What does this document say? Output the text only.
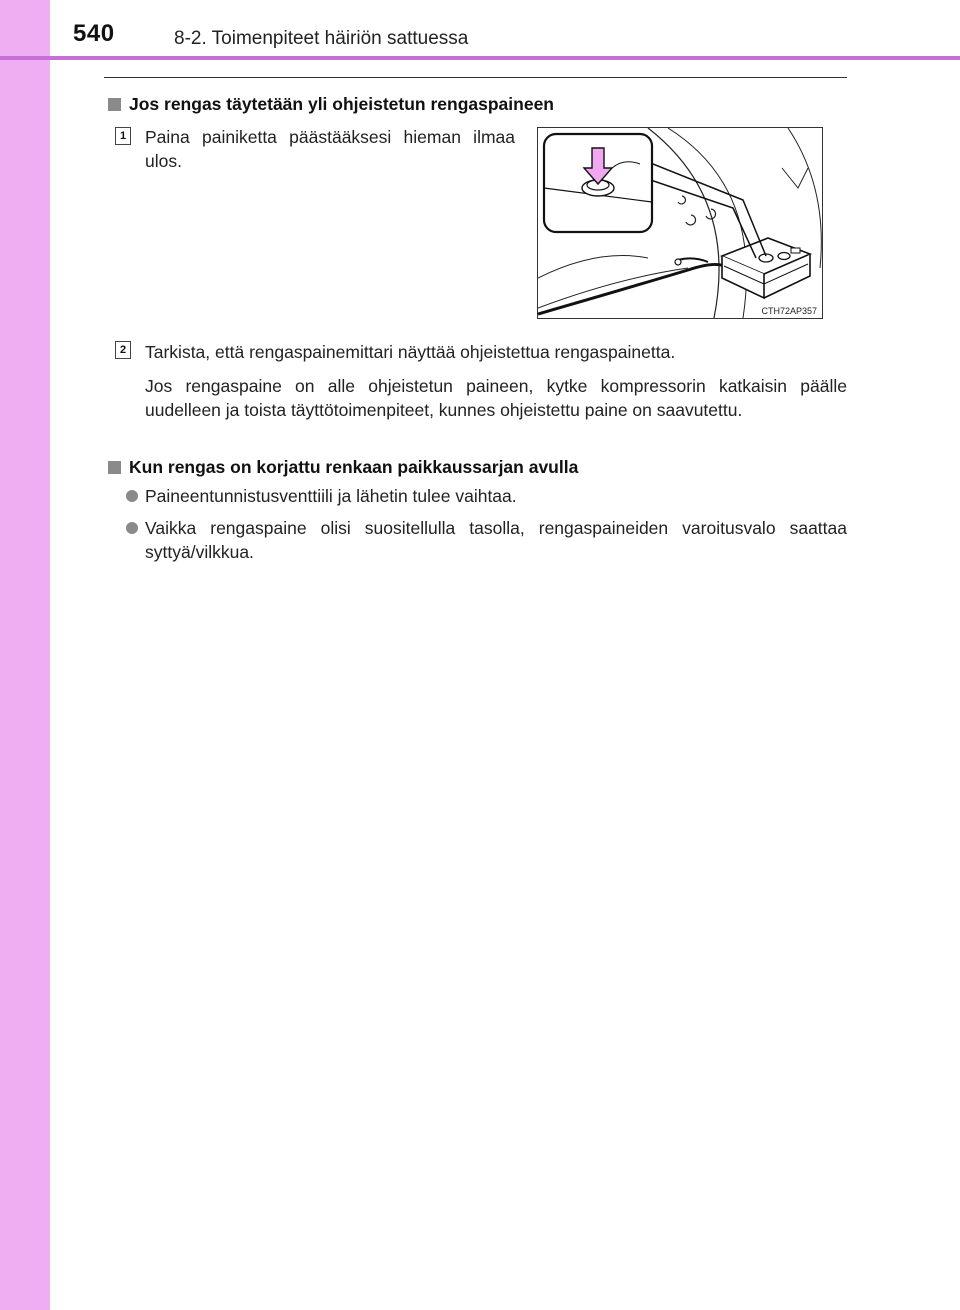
540	8-2. Toimenpiteet häiriön sattuessa
Jos rengas täytetään yli ohjeistetun rengaspaineen
1 Paina painiketta päästääksesi hieman ilmaa ulos.
CTH72AP357
2 Tarkista, että rengaspainemittari näyttää ohjeistettua rengaspainetta.
Jos rengaspaine on alle ohjeistetun paineen, kytke kompressorin katkaisin päälle uudelleen ja toista täyttötoimenpiteet, kunnes ohjeistettu paine on saavutettu.
Kun rengas on korjattu renkaan paikkaussarjan avulla
Paineentunnistusventtiili ja lähetin tulee vaihtaa.
Vaikka rengaspaine olisi suositellulla tasolla, rengaspaineiden varoitusvalo saattaa syttyä/vilkkua.
